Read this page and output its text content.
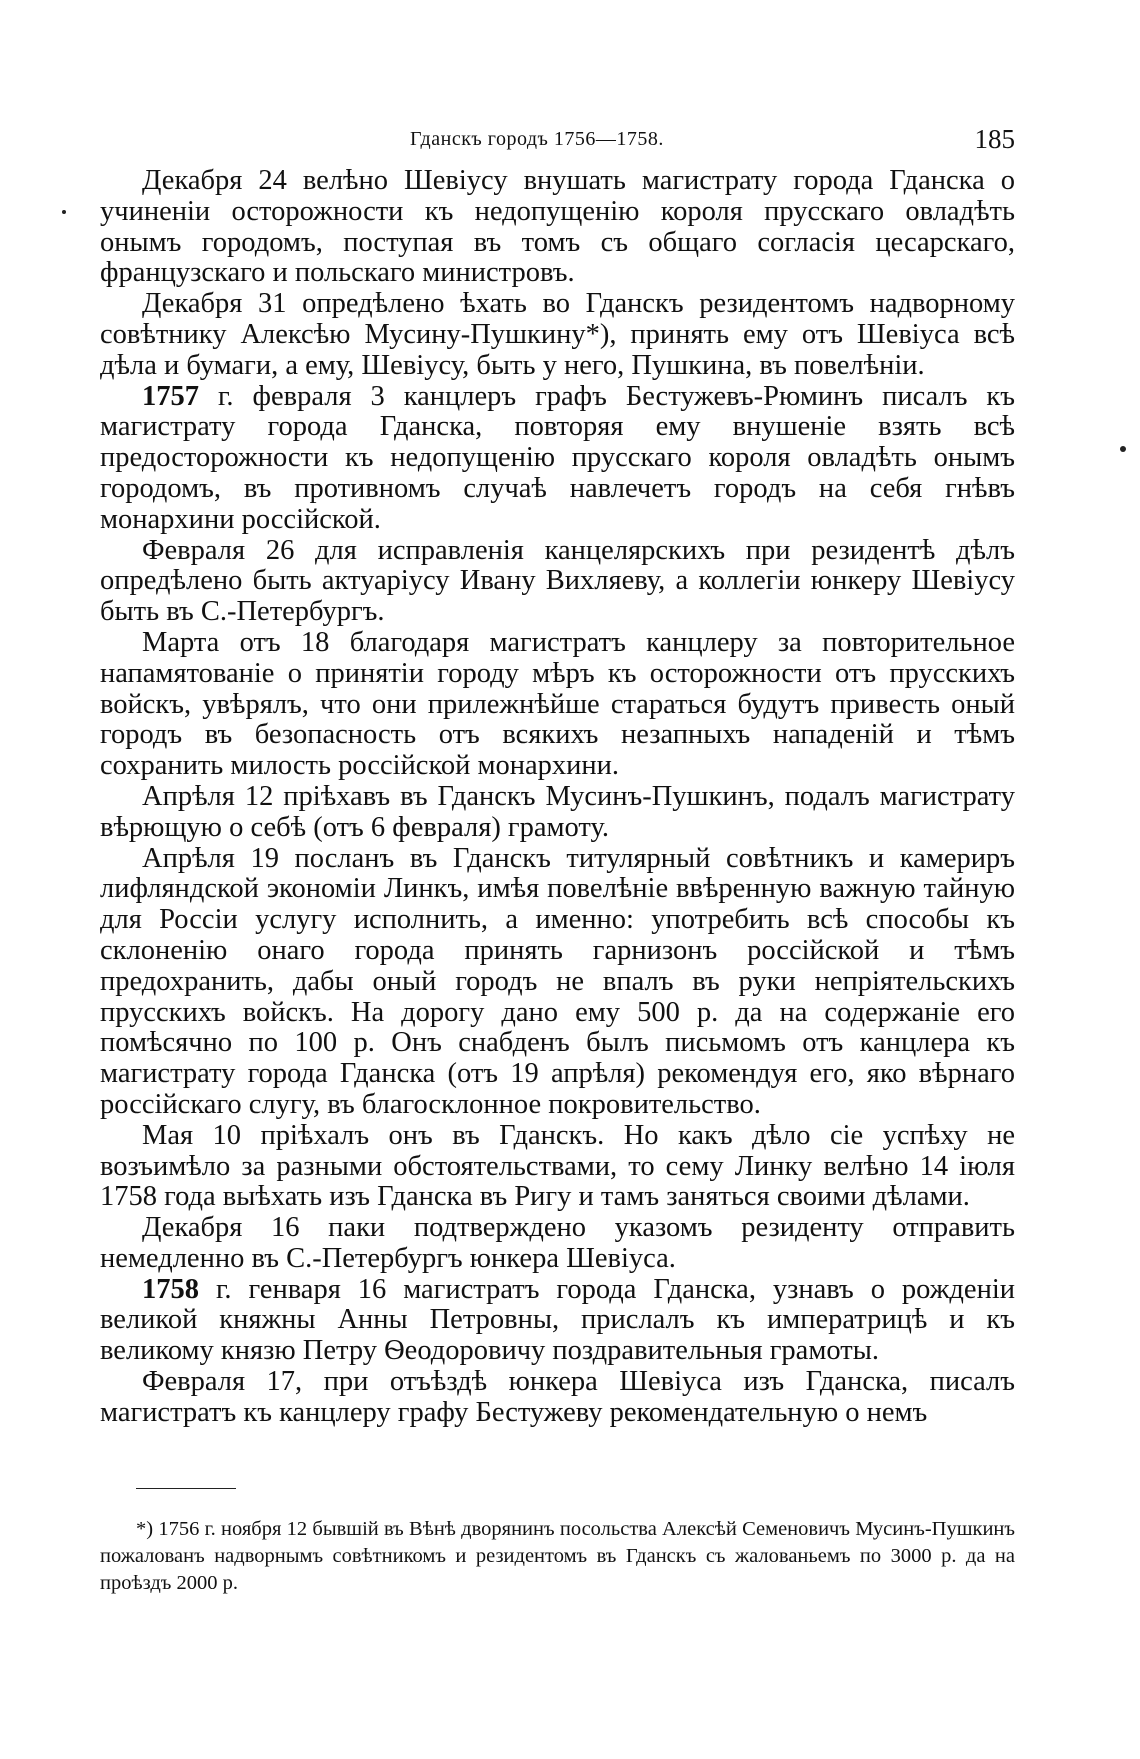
Гданскъ городъ 1756—1758.	185

Декабря 24 велѣно Шевіусу внушать магистрату города Гданска о учиненіи осторожности къ недопущенію короля прусскаго овладѣть онымъ городомъ, поступая въ томъ съ общаго согласія цесарскаго, французскаго и польскаго министровъ.

Декабря 31 опредѣлено ѣхать во Гданскъ резидентомъ надворному совѣтнику Алексѣю Мусину-Пушкину*), принять ему отъ Шевіуса всѣ дѣла и бумаги, а ему, Шевіусу, быть у него, Пушкина, въ повелѣніи.

1757 г. февраля 3 канцлеръ графъ Бестужевъ-Рюминъ писалъ къ магистрату города Гданска, повторяя ему внушеніе взять всѣ предосторожности къ недопущенію прусскаго короля овладѣть онымъ городомъ, въ противномъ случаѣ навлечетъ городъ на себя гнѣвъ монархини россійской.

Февраля 26 для исправленія канцелярскихъ при резидентѣ дѣлъ опредѣлено быть актуаріусу Ивану Вихляеву, а коллегіи юнкеру Шевіусу быть въ С.-Петербургъ.

Марта отъ 18 благодаря магистратъ канцлеру за повторительное напамятованіе о принятіи городу мѣръ къ осторожности отъ прусскихъ войскъ, увѣрялъ, что они прилежнѣйше стараться будутъ привесть оный городъ въ безопасность отъ всякихъ незапныхъ нападеній и тѣмъ сохранить милость россійской монархини.

Апрѣля 12 пріѣхавъ въ Гданскъ Мусинъ-Пушкинъ, подалъ магистрату вѣрющую о себѣ (отъ 6 февраля) грамоту.

Апрѣля 19 посланъ въ Гданскъ титулярный совѣтникъ и камериръ лифляндской экономіи Линкъ, имѣя повелѣніе ввѣренную важную тайную для Россіи услугу исполнить, а именно: употребить всѣ способы къ склоненію онаго города принять гарнизонъ россійской и тѣмъ предохранить, дабы оный городъ не впалъ въ руки непріятельскихъ прусскихъ войскъ. На дорогу дано ему 500 р. да на содержаніе его помѣсячно по 100 р. Онъ снабденъ былъ письмомъ отъ канцлера къ магистрату города Гданска (отъ 19 апрѣля) рекомендуя его, яко вѣрнаго россійскаго слугу, въ благосклонное покровительство.

Мая 10 пріѣхалъ онъ въ Гданскъ. Но какъ дѣло сіе успѣху не возъимѣло за разными обстоятельствами, то сему Линку велѣно 14 іюля 1758 года выѣхать изъ Гданска въ Ригу и тамъ заняться своими дѣлами.

Декабря 16 паки подтверждено указомъ резиденту отправить немедленно въ С.-Петербургъ юнкера Шевіуса.

1758 г. генваря 16 магистратъ города Гданска, узнавъ о рожденіи великой княжны Анны Петровны, прислалъ къ императрицѣ и къ великому князю Петру Ѳеодоровичу поздравительныя грамоты.

Февраля 17, при отъѣздѣ юнкера Шевіуса изъ Гданска, писалъ магистратъ къ канцлеру графу Бестужеву рекомендательную о немъ

*) 1756 г. ноября 12 бывшій въ Вѣнѣ дворянинъ посольства Алексѣй Семеновичъ Мусинъ-Пушкинъ пожалованъ надворнымъ совѣтникомъ и резидентомъ въ Гданскъ съ жалованьемъ по 3000 р. да на проѣздъ 2000 р.
